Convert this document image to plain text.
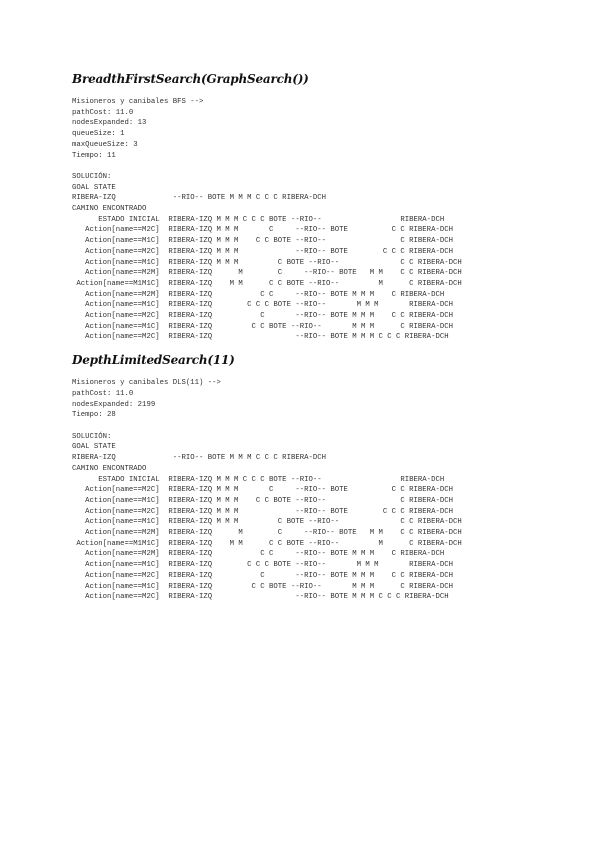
BreadthFirstSearch(GraphSearch())
Misioneros y canibales BFS -->
pathCost: 11.0
nodesExpanded: 13
queueSize: 1
maxQueueSize: 3
Tiempo: 11

SOLUCIÓN:
GOAL STATE
RIBERA-IZQ             --RIO-- BOTE M M M C C C RIBERA-DCH
CAMINO ENCONTRADO
ESTADO INICIAL  RIBERA-IZQ M M M C C C BOTE --RIO--                  RIBERA-DCH
Action[name==M2C]  RIBERA-IZQ M M M       C     --RIO-- BOTE          C C RIBERA-DCH
Action[name==M1C]  RIBERA-IZQ M M M    C C BOTE --RIO--                 C RIBERA-DCH
Action[name==M2C]  RIBERA-IZQ M M M             --RIO-- BOTE        C C C RIBERA-DCH
Action[name==M1C]  RIBERA-IZQ M M M         C BOTE --RIO--              C C RIBERA-DCH
Action[name==M2M]  RIBERA-IZQ      M        C     --RIO-- BOTE   M M    C C RIBERA-DCH
Action[name==M1M1C]  RIBERA-IZQ    M M      C C BOTE --RIO--         M      C RIBERA-DCH
Action[name==M2M]  RIBERA-IZQ           C C     --RIO-- BOTE M M M    C RIBERA-DCH
Action[name==M1C]  RIBERA-IZQ        C C C BOTE --RIO--       M M M       RIBERA-DCH
Action[name==M2C]  RIBERA-IZQ           C       --RIO-- BOTE M M M    C C RIBERA-DCH
Action[name==M1C]  RIBERA-IZQ         C C BOTE --RIO--       M M M      C RIBERA-DCH
Action[name==M2C]  RIBERA-IZQ                   --RIO-- BOTE M M M C C C RIBERA-DCH
DepthLimitedSearch(11)
Misioneros y canibales DLS(11) -->
pathCost: 11.0
nodesExpanded: 2199
Tiempo: 28

SOLUCIÓN:
GOAL STATE
RIBERA-IZQ             --RIO-- BOTE M M M C C C RIBERA-DCH
CAMINO ENCONTRADO
ESTADO INICIAL  RIBERA-IZQ M M M C C C BOTE --RIO--                  RIBERA-DCH
Action[name==M2C]  RIBERA-IZQ M M M       C     --RIO-- BOTE          C C RIBERA-DCH
Action[name==M1C]  RIBERA-IZQ M M M    C C BOTE --RIO--                 C RIBERA-DCH
Action[name==M2C]  RIBERA-IZQ M M M             --RIO-- BOTE        C C C RIBERA-DCH
Action[name==M1C]  RIBERA-IZQ M M M         C BOTE --RIO--              C C RIBERA-DCH
Action[name==M2M]  RIBERA-IZQ      M        C     --RIO-- BOTE   M M    C C RIBERA-DCH
Action[name==M1M1C]  RIBERA-IZQ    M M      C C BOTE --RIO--         M      C RIBERA-DCH
Action[name==M2M]  RIBERA-IZQ           C C     --RIO-- BOTE M M M    C RIBERA-DCH
Action[name==M1C]  RIBERA-IZQ        C C C BOTE --RIO--       M M M       RIBERA-DCH
Action[name==M2C]  RIBERA-IZQ           C       --RIO-- BOTE M M M    C C RIBERA-DCH
Action[name==M1C]  RIBERA-IZQ         C C BOTE --RIO--       M M M      C RIBERA-DCH
Action[name==M2C]  RIBERA-IZQ                   --RIO-- BOTE M M M C C C RIBERA-DCH
